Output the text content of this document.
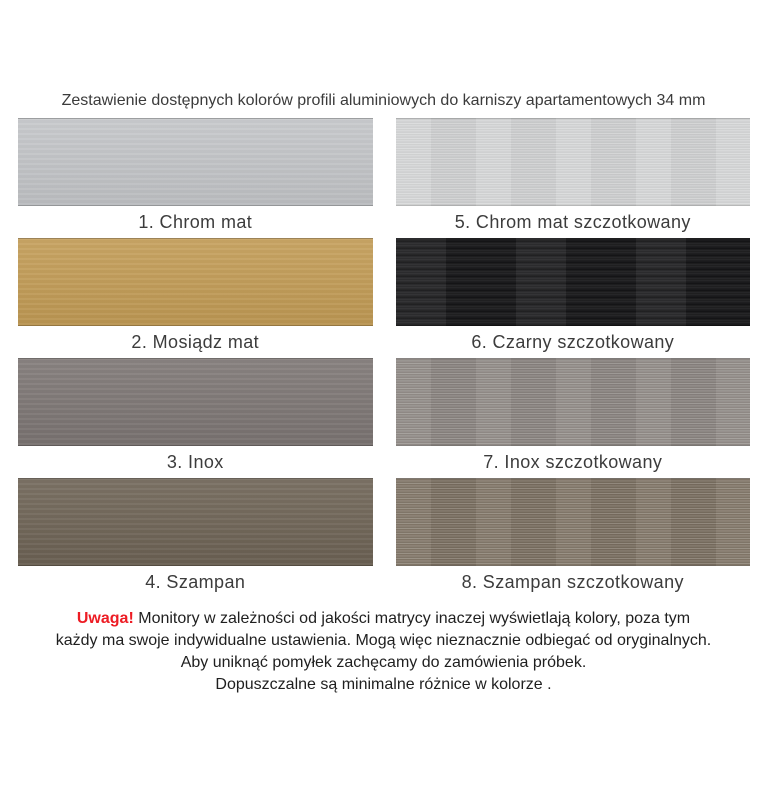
Zestawienie dostępnych kolorów profili aluminiowych do karniszy apartamentowych 34 mm
1. Chrom mat	5. Chrom mat szczotkowany
2. Mosiądz mat	6. Czarny szczotkowany
3. Inox	7. Inox szczotkowany
4. Szampan	8. Szampan szczotkowany
Uwaga! Monitory w zależności od jakości matrycy inaczej wyświetlają kolory, poza tym
każdy ma swoje indywidualne ustawienia. Mogą więc nieznacznie odbiegać od oryginalnych.
Aby uniknąć pomyłek zachęcamy do zamówienia próbek.
Dopuszczalne są minimalne różnice w kolorze .
